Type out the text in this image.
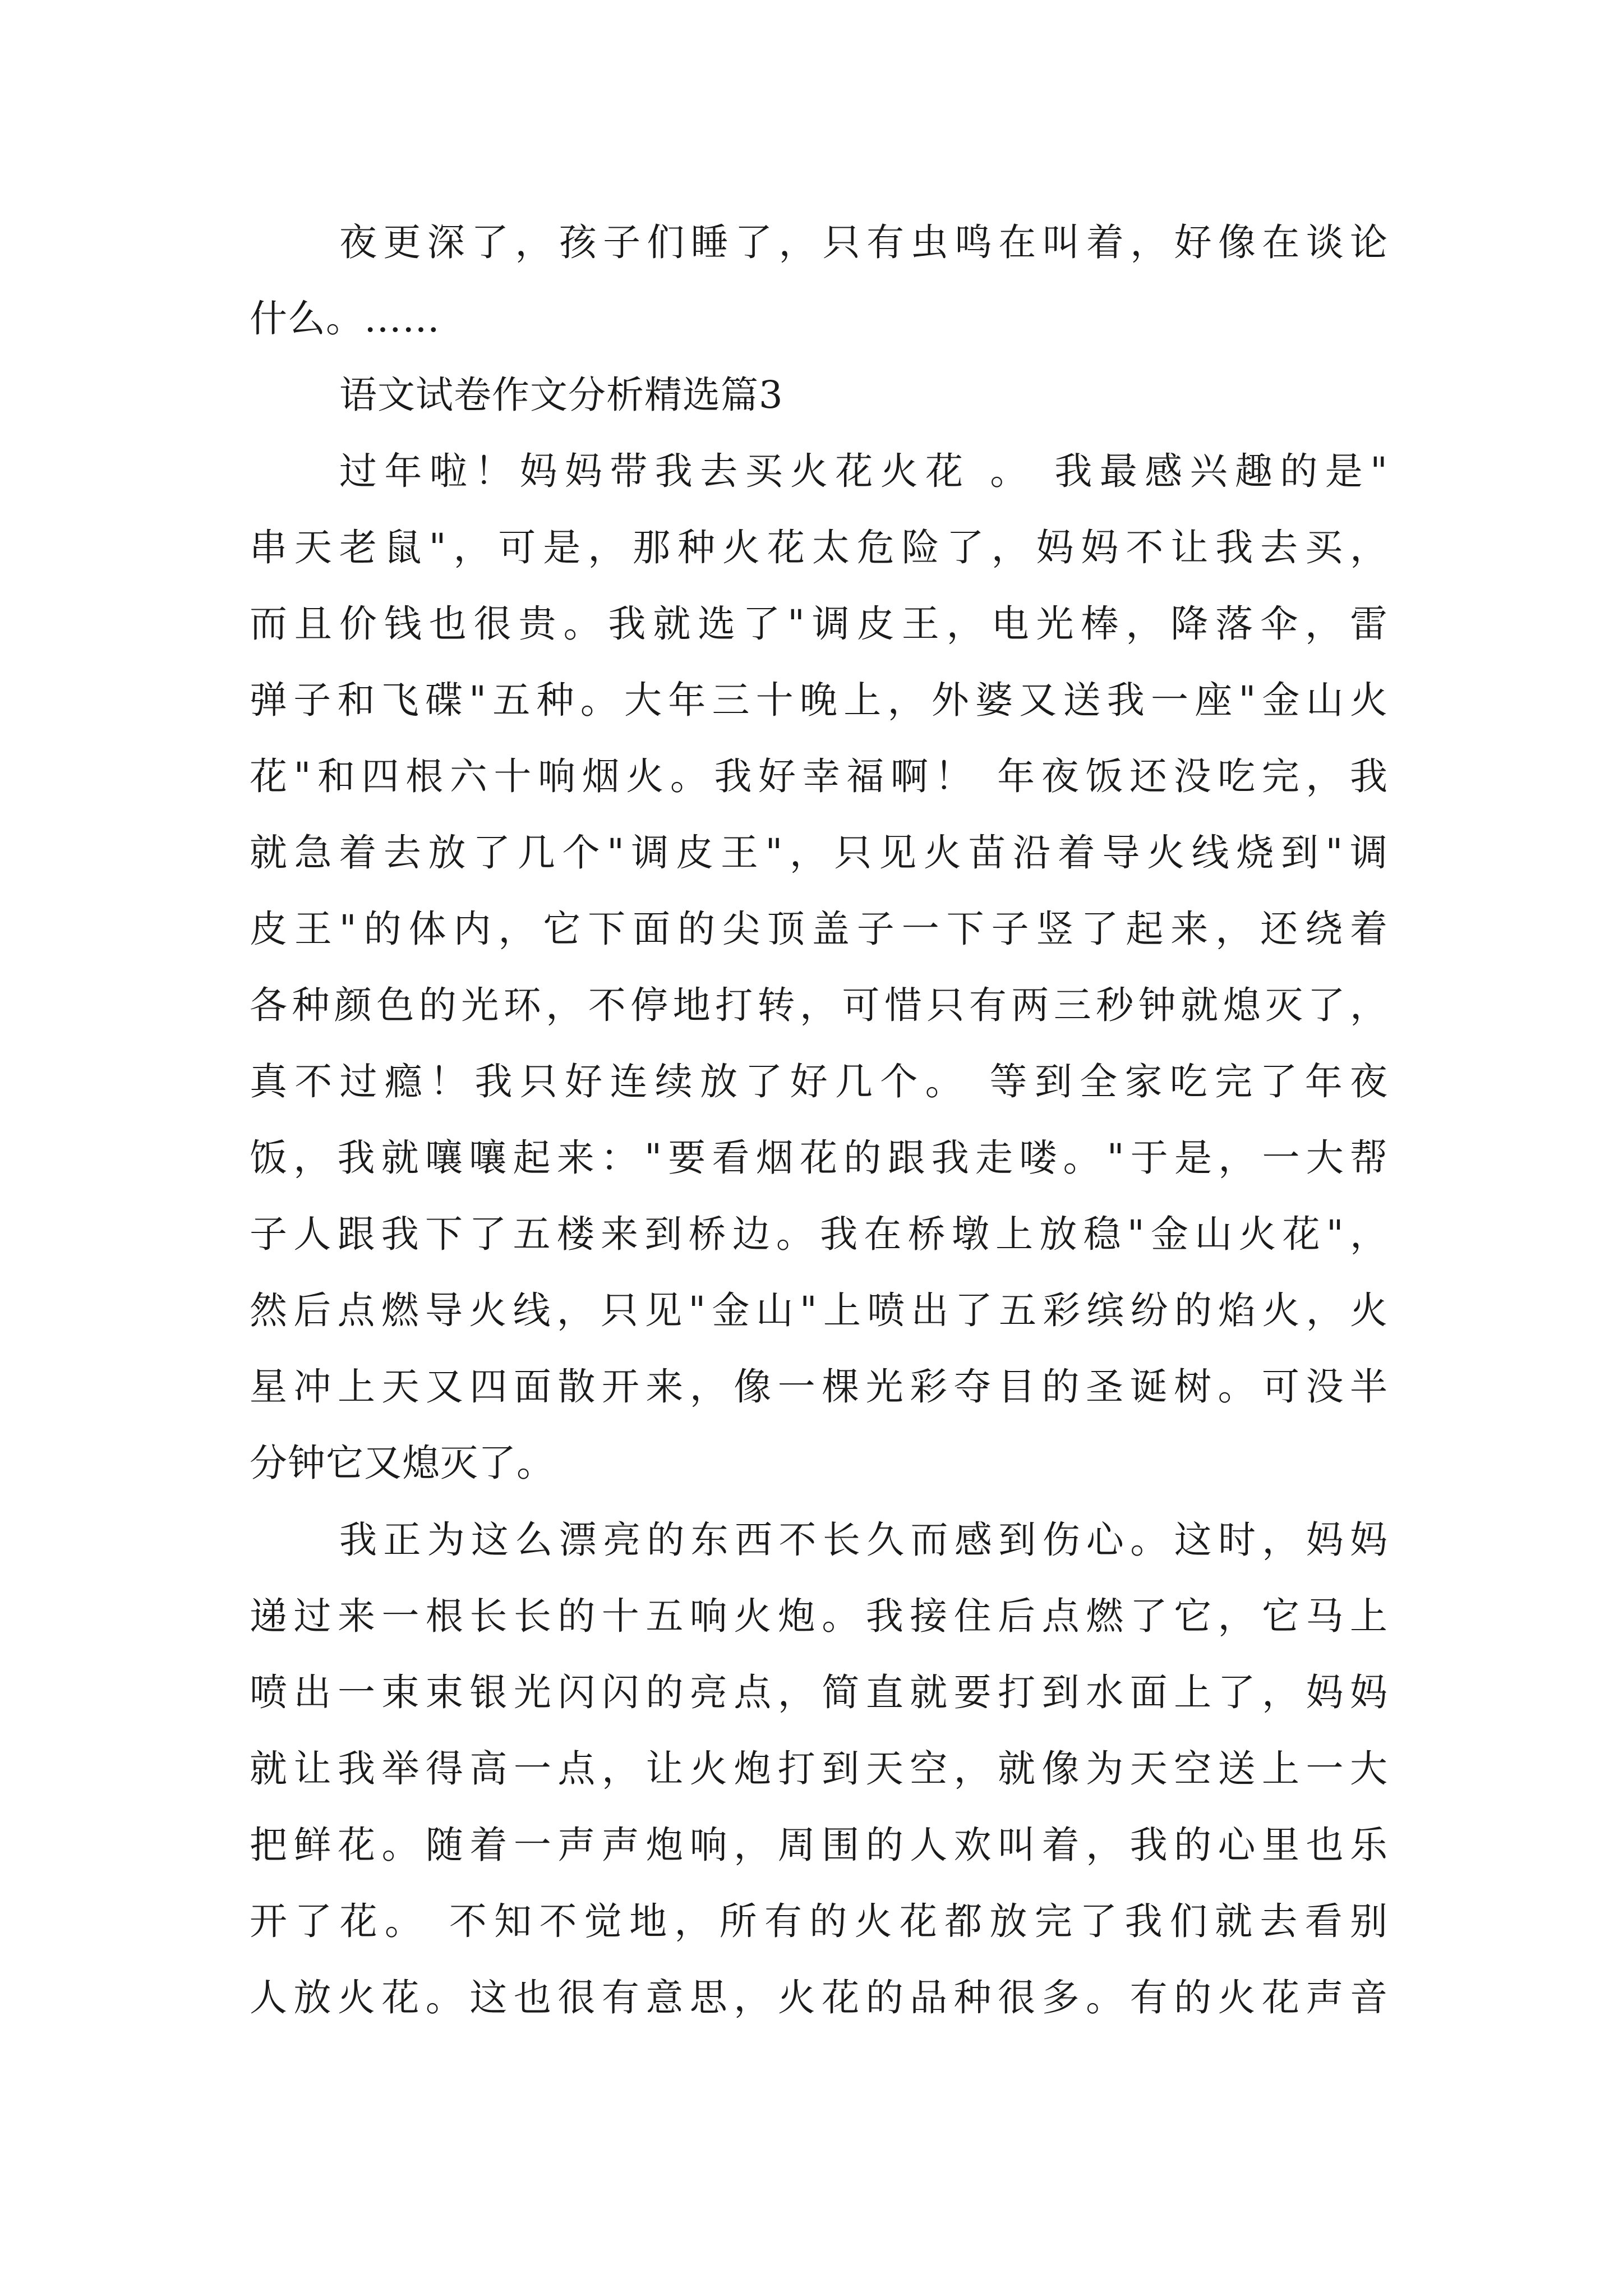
夜更深了，孩子们睡了，只有虫鸣在叫着，好像在谈论
什么。……
语文试卷作文分析精选篇3
过年啦！妈妈带我去买火花火花 。 我最感兴趣的是"
串天老鼠"，可是，那种火花太危险了，妈妈不让我去买，
而且价钱也很贵。我就选了"调皮王，电光棒，降落伞，雷
弹子和飞碟"五种。大年三十晚上，外婆又送我一座"金山火
花"和四根六十响烟火。我好幸福啊！ 年夜饭还没吃完，我
就急着去放了几个"调皮王"，只见火苗沿着导火线烧到"调
皮王"的体内，它下面的尖顶盖子一下子竖了起来，还绕着
各种颜色的光环，不停地打转，可惜只有两三秒钟就熄灭了，
真不过瘾！我只好连续放了好几个。 等到全家吃完了年夜
饭，我就嚷嚷起来："要看烟花的跟我走喽。"于是，一大帮
子人跟我下了五楼来到桥边。我在桥墩上放稳"金山火花"，
然后点燃导火线，只见"金山"上喷出了五彩缤纷的焰火，火
星冲上天又四面散开来，像一棵光彩夺目的圣诞树。可没半
分钟它又熄灭了。
我正为这么漂亮的东西不长久而感到伤心。这时，妈妈
递过来一根长长的十五响火炮。我接住后点燃了它，它马上
喷出一束束银光闪闪的亮点，简直就要打到水面上了，妈妈
就让我举得高一点，让火炮打到天空，就像为天空送上一大
把鲜花。随着一声声炮响，周围的人欢叫着，我的心里也乐
开了花。 不知不觉地，所有的火花都放完了我们就去看别
人放火花。这也很有意思，火花的品种很多。有的火花声音
